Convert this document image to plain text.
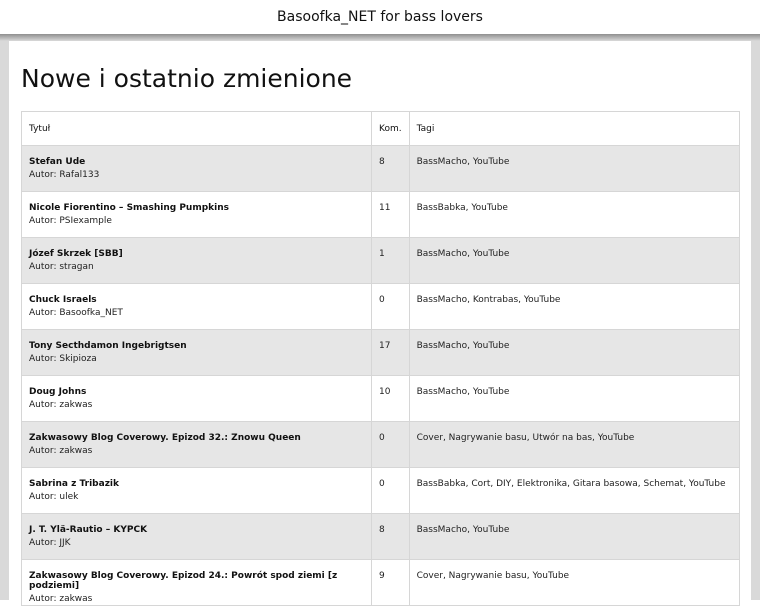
Basoofka_NET for bass lovers
Nowe i ostatnio zmienione
Tytuł	Kom.	Tagi

Stefan Ude
Autor: Rafal133	8	BassMacho, YouTube

Nicole Fiorentino – Smashing Pumpkins
Autor: PSIexample	11	BassBabka, YouTube

Józef Skrzek [SBB]
Autor: stragan	1	BassMacho, YouTube

Chuck Israels
Autor: Basoofka_NET	0	BassMacho, Kontrabas, YouTube

Tony Secthdamon Ingebrigtsen
Autor: Skipioza	17	BassMacho, YouTube

Doug Johns
Autor: zakwas	10	BassMacho, YouTube

Zakwasowy Blog Coverowy. Epizod 32.: Znowu Queen
Autor: zakwas	0	Cover, Nagrywanie basu, Utwór na bas, YouTube

Sabrina z Tribazik
Autor: ulek	0	BassBabka, Cort, DIY, Elektronika, Gitara basowa, Schemat, YouTube

J. T. Ylä-Rautio – KYPCK
Autor: JJK	8	BassMacho, YouTube

Zakwasowy Blog Coverowy. Epizod 24.: Powrót spod ziemi [z podziemi]
Autor: zakwas	9	Cover, Nagrywanie basu, YouTube
